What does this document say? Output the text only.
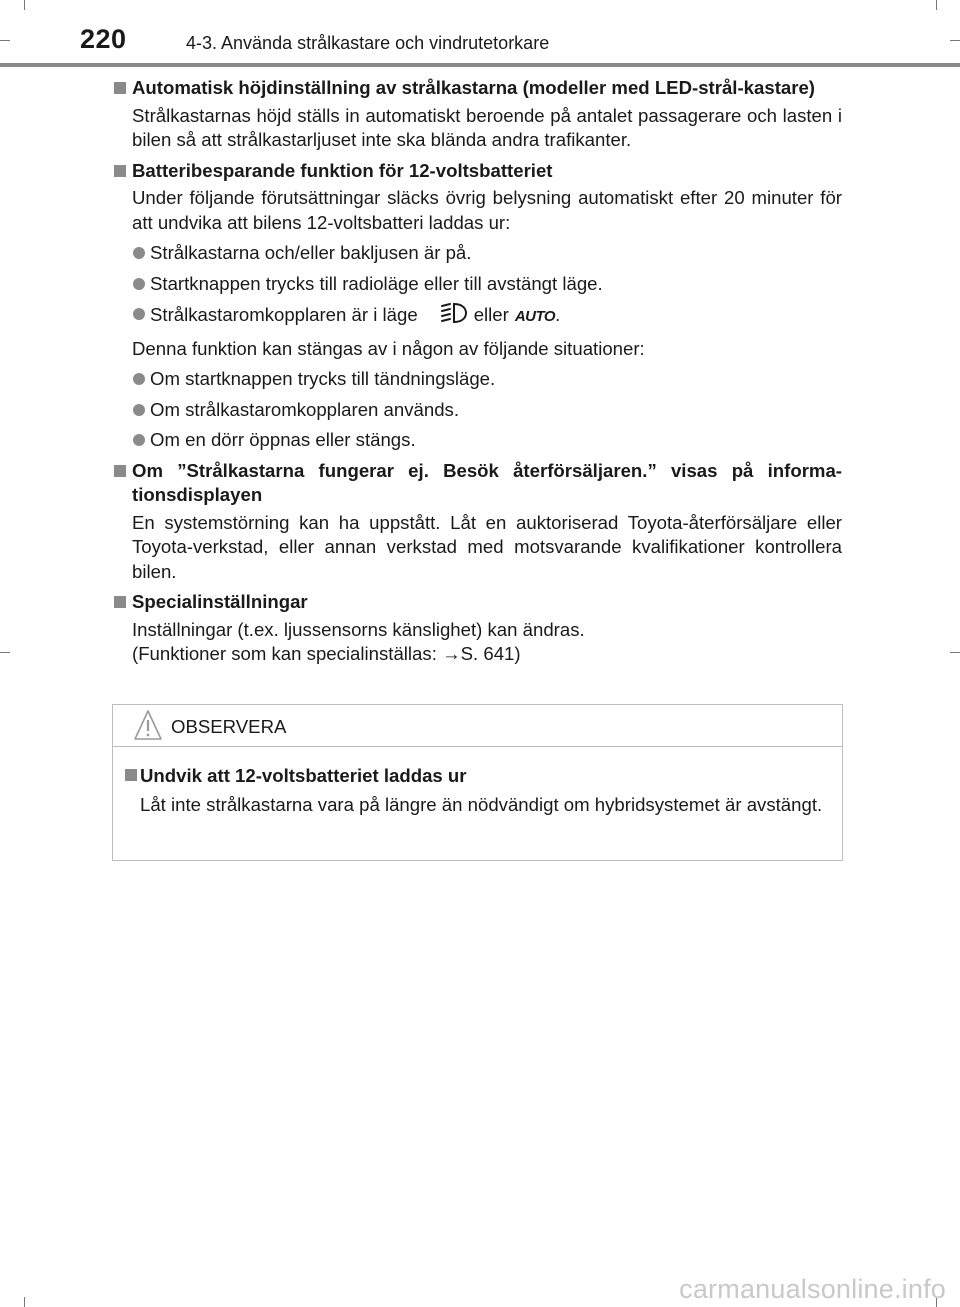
220	4-3. Använda strålkastare och vindrutetorkare
Automatisk höjdinställning av strålkastarna (modeller med LED-strål-kastare)

Strålkastarnas höjd ställs in automatiskt beroende på antalet passagerare och lasten i bilen så att strålkastarljuset inte ska blända andra trafikanter.

Batteribesparande funktion för 12-voltsbatteriet

Under följande förutsättningar släcks övrig belysning automatiskt efter 20 minuter för att undvika att bilens 12-voltsbatteri laddas ur:

Strålkastarna och/eller bakljusen är på.
Startknappen trycks till radioläge eller till avstängt läge.
Strålkastaromkopplaren är i läge	eller AUTO.
Denna funktion kan stängas av i någon av följande situationer:
Om startknappen trycks till tändningsläge.
Om strålkastaromkopplaren används.
Om en dörr öppnas eller stängs.
Om ”Strålkastarna fungerar ej. Besök återförsäljaren.” visas på informa-tionsdisplayen

En systemstörning kan ha uppstått. Låt en auktoriserad Toyota-återförsäljare eller Toyota-verkstad, eller annan verkstad med motsvarande kvalifikationer kontrollera bilen.

Specialinställningar

Inställningar (t.ex. ljussensorns känslighet) kan ändras.

(Funktioner som kan specialinställas: →S. 641)

OBSERVERA
Undvik att 12-voltsbatteriet laddas ur
Låt inte strålkastarna vara på längre än nödvändigt om hybridsystemet är avstängt.
carmanualsonline.info
